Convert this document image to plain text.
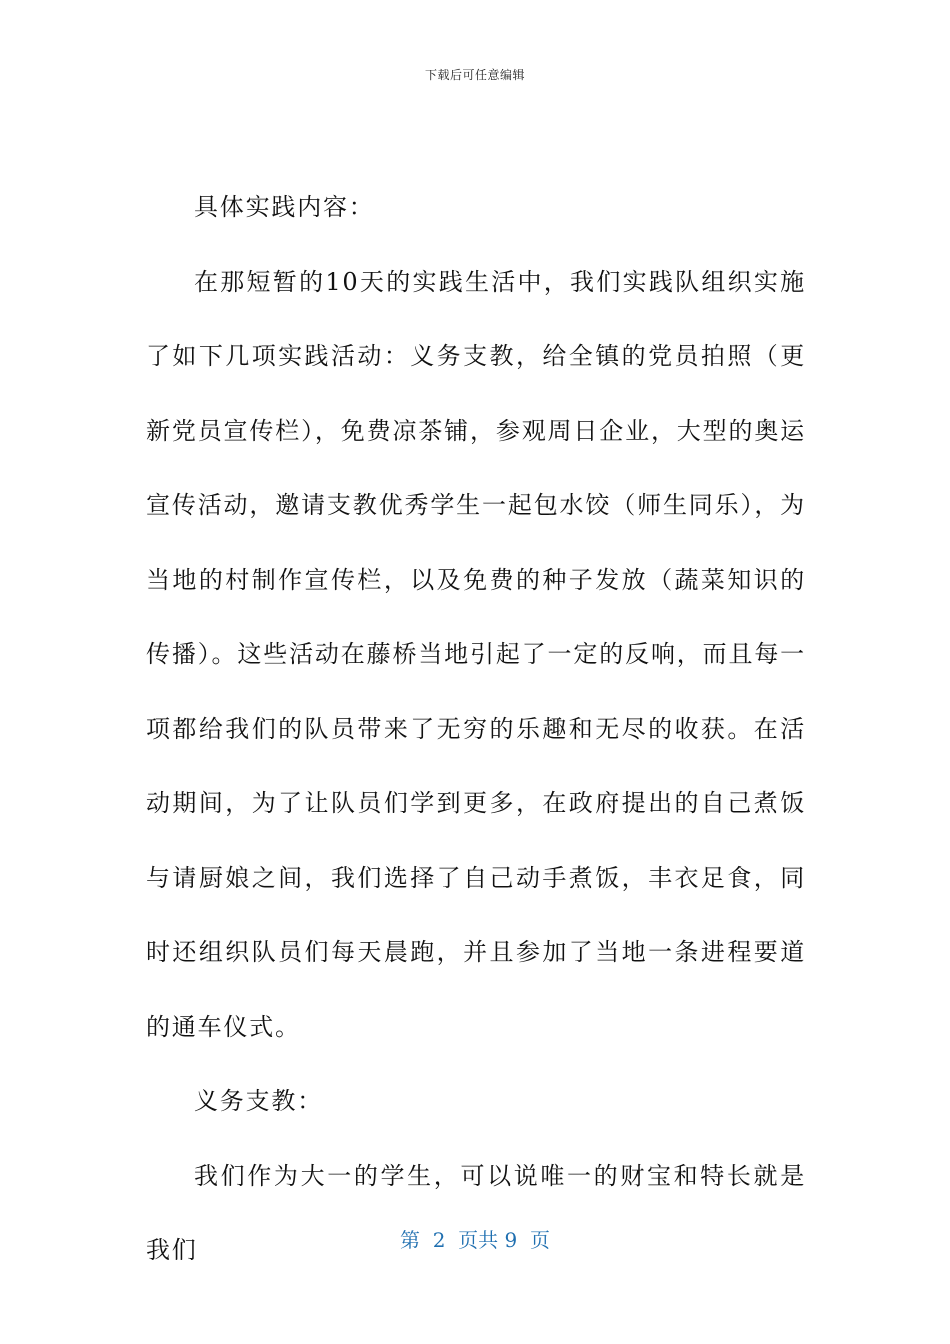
下载后可任意编辑

具体实践内容：

在那短暂的10天的实践生活中，我们实践队组织实施了如下几项实践活动：义务支教，给全镇的党员拍照（更新党员宣传栏），免费凉茶铺，参观周日企业，大型的奥运宣传活动，邀请支教优秀学生一起包水饺（师生同乐），为当地的村制作宣传栏，以及免费的种子发放（蔬菜知识的传播）。这些活动在藤桥当地引起了一定的反响，而且每一项都给我们的队员带来了无穷的乐趣和无尽的收获。在活动期间，为了让队员们学到更多，在政府提出的自己煮饭与请厨娘之间，我们选择了自己动手煮饭，丰衣足食，同时还组织队员们每天晨跑，并且参加了当地一条进程要道的通车仪式。

义务支教：

我们作为大一的学生，可以说唯一的财宝和特长就是我们	第  2  页共 9  页
